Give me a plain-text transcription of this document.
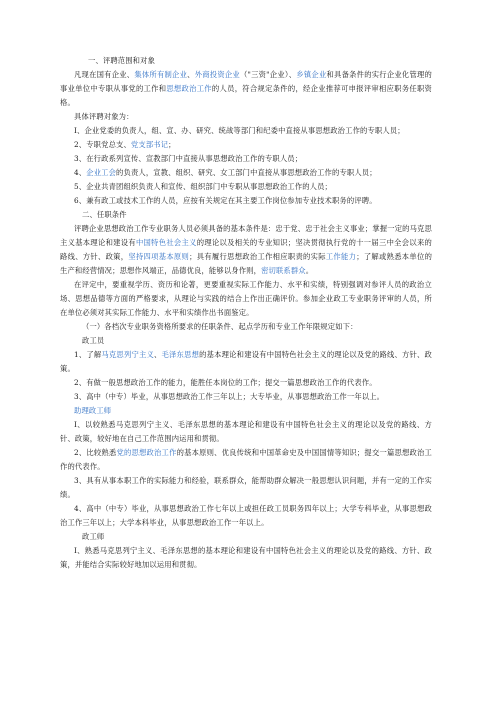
一、评聘范围和对象

凡现在国有企业、集体所有制企业、外商投资企业（"三资"企业）、乡镇企业和具备条件的实行企业化管理的事业单位中专职从事党的工作和思想政治工作的人员，符合规定条件的，经企业推荐可申报评审相应职务任职资格。

具体评聘对象为：

Ⅰ、企业党委的负责人，组、宣、办、研究、统战等部门和纪委中直接从事思想政治工作的专职人员；

2、专职党总支、党支部书记；

3、在行政系列宣传、宣教部门中直接从事思想政治工作的专职人员；

4、企业工会的负责人，宣教、组织、研究、女工部门中直接从事思想政治工作的专职人员；

5、企业共青团组织负责人和宣传、组织部门中专职从事思想政治工作的人员；

6、兼有政工或技术工作的人员，应按有关规定在其主要工作岗位参加专业技术职务的评聘。

二、任职条件

评聘企业思想政治工作专业职务人员必须具备的基本条件是：忠于党、忠于社会主义事业；掌握一定的马克思主义基本理论和建设有中国特色社会主义的理论以及相关的专业知识；坚决贯彻执行党的十一届三中全会以来的路线、方针、政策，坚持四项基本原则；具有履行思想政治工作相应职责的实际工作能力；了解或熟悉本单位的生产和经营情况；思想作风端正，品德优良，能够以身作则，密切联系群众。

在评定中，要重视学历、资历和论著，更要重视实际工作能力、水平和实绩，特别强调对参评人员的政治立场、思想品德等方面的严格要求，从理论与实践的结合上作出正确评价。参加企业政工专业职务评审的人员，所在单位必须对其实际工作能力、水平和实绩作出书面鉴定。

（一）各档次专业职务资格所要求的任职条件、起点学历和专业工作年限规定如下：

政工员

1、了解马克思列宁主义、毛泽东思想的基本理论和建设有中国特色社会主义的理论以及党的路线、方针、政策。

2、有做一般思想政治工作的能力，能胜任本岗位的工作；提交一篇思想政治工作的代表作。

3、高中（中专）毕业，从事思想政治工作三年以上；大专毕业，从事思想政治工作一年以上。

助理政工师

Ⅰ、以较熟悉马克思列宁主义、毛泽东思想的基本理论和建设有中国特色社会主义的理论以及党的路线、方针、政策，较好地在自己工作范围内运用和贯彻。

2、比较熟悉党的思想政治工作的基本原则、优良传统和中国革命史及中国国情等知识；提交一篇思想政治工作的代表作。

3、具有从事本职工作的实际能力和经验，联系群众，能帮助群众解决一般思想认识问题，并有一定的工作实绩。

4、高中（中专）毕业，从事思想政治工作七年以上或担任政工员职务四年以上；大学专科毕业，从事思想政治工作三年以上；大学本科毕业，从事思想政治工作一年以上。

政工师

Ⅰ、熟悉马克思列宁主义、毛泽东思想的基本理论和建设有中国特色社会主义的理论以及党的路线、方针、政策，并能结合实际较好地加以运用和贯彻。
